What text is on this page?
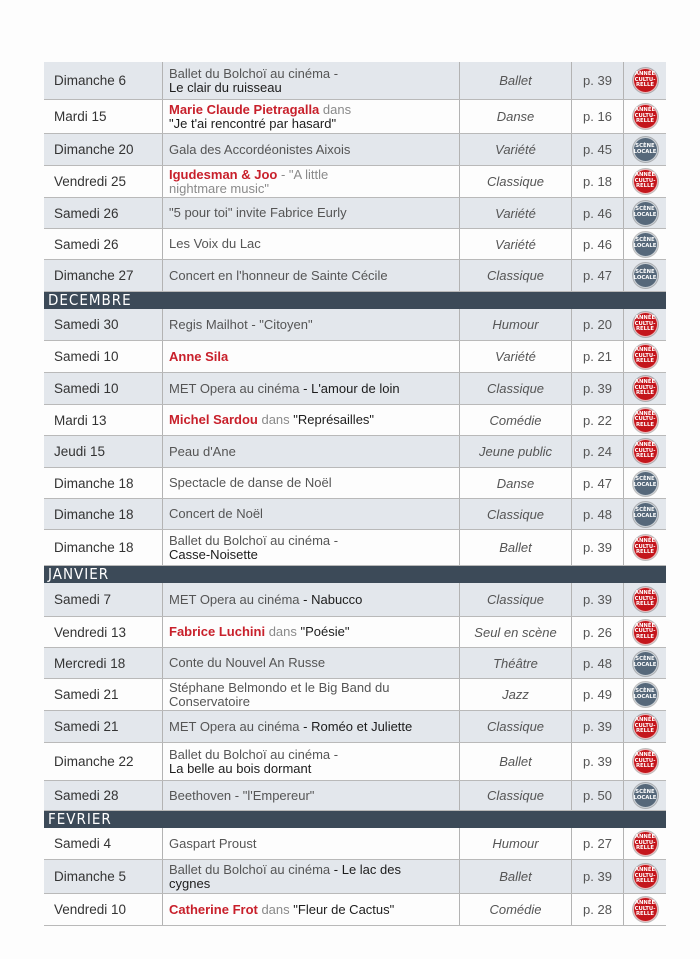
Dimanche 6	Ballet du Bolchoï au cinéma -
Le clair du ruisseau	Ballet	p. 39	ANNÉE
CULTU-
RELLE
Mardi 15	Marie Claude Pietragalla dans
"Je t'ai rencontré par hasard"	Danse	p. 16	ANNÉE
CULTU-
RELLE
Dimanche 20	Gala des Accordéonistes Aixois	Variété	p. 45	SCÈNE
LOCALE
Vendredi 25	Igudesman & Joo - "A little
nightmare music"	Classique	p. 18	ANNÉE
CULTU-
RELLE
Samedi 26	"5 pour toi" invite Fabrice Eurly	Variété	p. 46	SCÈNE
LOCALE
Samedi 26	Les Voix du Lac	Variété	p. 46	SCÈNE
LOCALE
Dimanche 27	Concert en l'honneur de Sainte Cécile	Classique	p. 47	SCÈNE
LOCALE
DECEMBRE
Samedi 30	Regis Mailhot - "Citoyen"	Humour	p. 20	ANNÉE
CULTU-
RELLE
Samedi 10	Anne Sila	Variété	p. 21	ANNÉE
CULTU-
RELLE
Samedi 10	MET Opera au cinéma - L'amour de loin	Classique	p. 39	ANNÉE
CULTU-
RELLE
Mardi 13	Michel Sardou dans "Représailles"	Comédie	p. 22	ANNÉE
CULTU-
RELLE
Jeudi 15	Peau d'Ane	Jeune public	p. 24	ANNÉE
CULTU-
RELLE
Dimanche 18	Spectacle de danse de Noël	Danse	p. 47	SCÈNE
LOCALE
Dimanche 18	Concert de Noël	Classique	p. 48	SCÈNE
LOCALE
Dimanche 18	Ballet du Bolchoï au cinéma -
Casse-Noisette	Ballet	p. 39	ANNÉE
CULTU-
RELLE
JANVIER
Samedi 7	MET Opera au cinéma - Nabucco	Classique	p. 39	ANNÉE
CULTU-
RELLE
Vendredi 13	Fabrice Luchini dans "Poésie"	Seul en scène	p. 26	ANNÉE
CULTU-
RELLE
Mercredi 18	Conte du Nouvel An Russe	Théâtre	p. 48	SCÈNE
LOCALE
Samedi 21	Stéphane Belmondo et le Big Band du
Conservatoire	Jazz	p. 49	SCÈNE
LOCALE
Samedi 21	MET Opera au cinéma - Roméo et Juliette	Classique	p. 39	ANNÉE
CULTU-
RELLE
Dimanche 22	Ballet du Bolchoï au cinéma -
La belle au bois dormant	Ballet	p. 39	ANNÉE
CULTU-
RELLE
Samedi 28	Beethoven - "l'Empereur"	Classique	p. 50	SCÈNE
LOCALE
FEVRIER
Samedi 4	Gaspart Proust	Humour	p. 27	ANNÉE
CULTU-
RELLE
Dimanche 5	Ballet du Bolchoï au cinéma - Le lac des
cygnes	Ballet	p. 39	ANNÉE
CULTU-
RELLE
Vendredi 10	Catherine Frot dans "Fleur de Cactus"	Comédie	p. 28	ANNÉE
CULTU-
RELLE
